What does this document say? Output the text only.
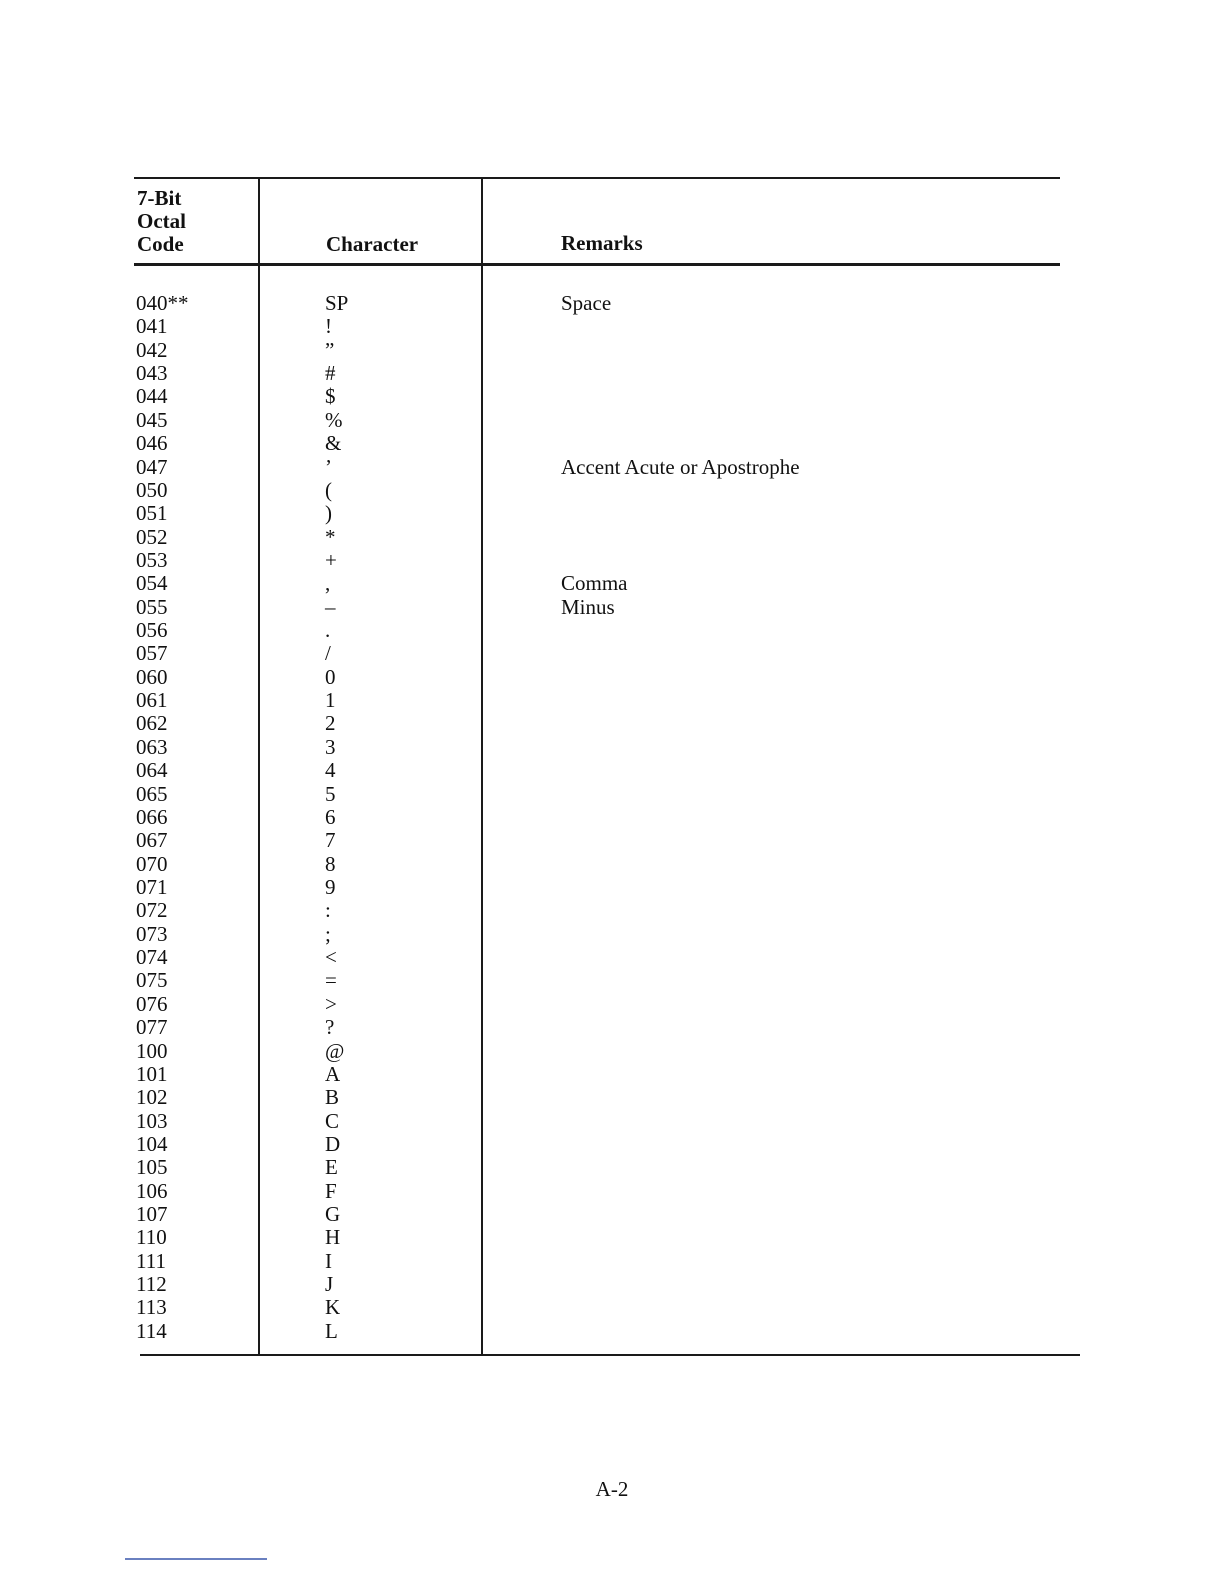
7-Bit
Octal
Code	Character	Remarks
040**	SP	Space
041	!
042	”
043	#
044	$
045	%
046	&
047	’	Accent Acute or Apostrophe
050	(
051	)
052	*
053	+
054	,	Comma
055	–	Minus
056	.
057	/
060	0
061	1
062	2
063	3
064	4
065	5
066	6
067	7
070	8
071	9
072	:
073	;
074	<
075	=
076	>
077	?
100	@
101	A
102	B
103	C
104	D
105	E
106	F
107	G
110	H
111	I
112	J
113	K
114	L
A-2
